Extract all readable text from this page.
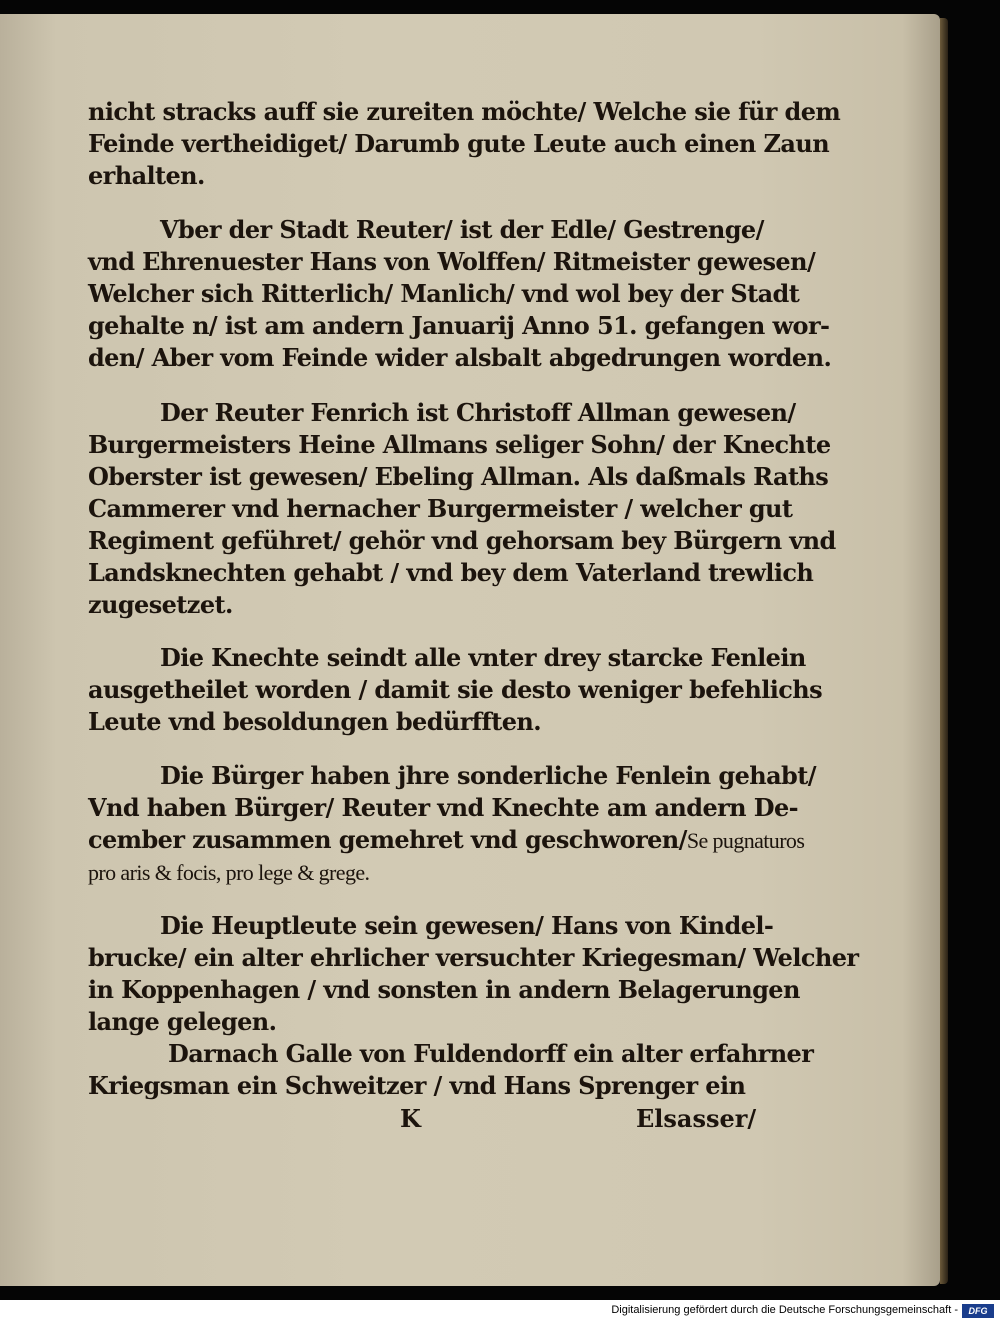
nicht stracks auff sie zureiten möchte/ Welche sie für dem
Feinde vertheidiget/ Darumb gute Leute auch einen Zaun
erhalten.
Vber der Stadt Reuter/ ist der Edle/ Gestrenge/
vnd Ehrenuester Hans von Wolffen/ Ritmeister gewesen/
Welcher sich Ritterlich/ Manlich/ vnd wol bey der Stadt
gehalte n/ ist am andern Januarij Anno 51. gefangen wor-
den/ Aber vom Feinde wider alsbalt abgedrungen worden.
Der Reuter Fenrich ist Christoff Allman gewesen/
Burgermeisters Heine Allmans seliger Sohn/ der Knechte
Oberster ist gewesen/ Ebeling Allman. Als daßmals Raths
Cammerer vnd hernacher Burgermeister / welcher gut
Regiment geführet/ gehör vnd gehorsam bey Bürgern vnd
Landsknechten gehabt / vnd bey dem Vaterland trewlich
zugesetzet.
Die Knechte seindt alle vnter drey starcke Fenlein
ausgetheilet worden / damit sie desto weniger befehlichs
Leute vnd besoldungen bedürfften.
Die Bürger haben jhre sonderliche Fenlein gehabt/
Vnd haben Bürger/ Reuter vnd Knechte am andern De-
cember zusammen gemehret vnd geschworen/Se pugnaturos
pro aris & focis, pro lege & grege.
Die Heuptleute sein gewesen/ Hans von Kindel-
brucke/ ein alter ehrlicher versuchter Kriegesman/ Welcher
in Koppenhagen / vnd sonsten in andern Belagerungen
lange gelegen.
Darnach Galle von Fuldendorff ein alter erfahrner
Kriegsman ein Schweitzer / vnd Hans Sprenger ein
K	Elsasser/
Digitalisierung gefördert durch die Deutsche Forschungsgemeinschaft -	DFG
